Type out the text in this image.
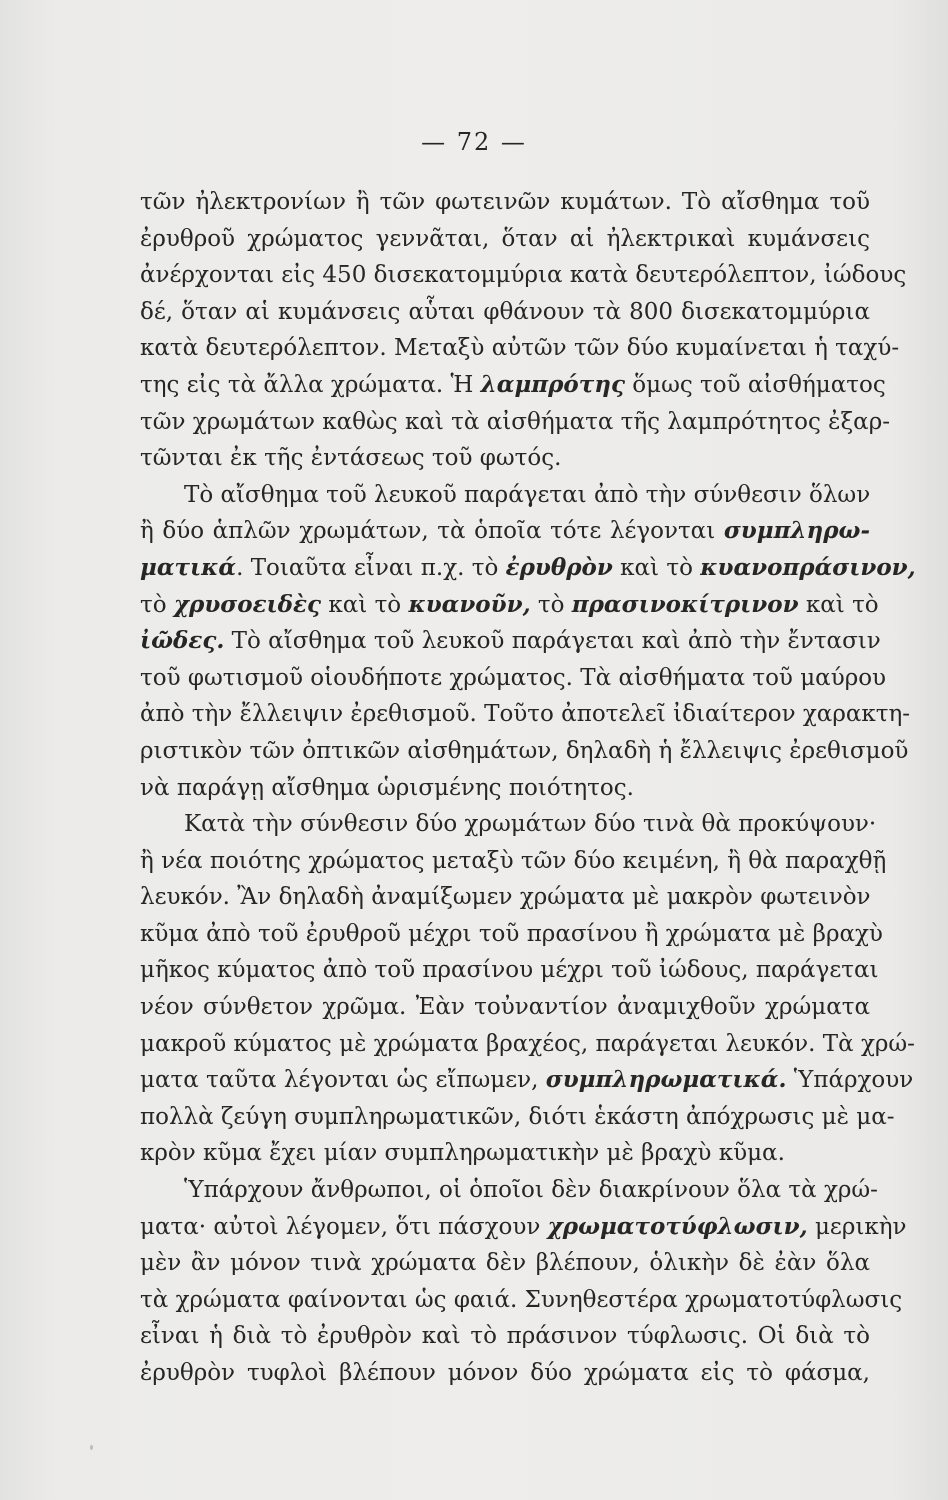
— 72 —
τῶν ἠλεκτρονίων ἢ τῶν φωτεινῶν κυμάτων. Τὸ αἴσθημα τοῦ
ἐρυθροῦ χρώματος γεννᾶται, ὅταν αἱ ἠλεκτρικαὶ κυμάνσεις
ἀνέρχονται εἰς 450 δισεκατομμύρια κατὰ δευτερόλεπτον, ἰώδους
δέ, ὅταν αἱ κυμάνσεις αὗται φθάνουν τὰ 800 δισεκατομμύρια
κατὰ δευτερόλεπτον. Μεταξὺ αὐτῶν τῶν δύο κυμαίνεται ἡ ταχύ-
της εἰς τὰ ἄλλα χρώματα. Ἡ λαμπρότης ὅμως τοῦ αἰσθήματος
τῶν χρωμάτων καθὼς καὶ τὰ αἰσθήματα τῆς λαμπρότητος ἐξαρ-
τῶνται ἐκ τῆς ἐντάσεως τοῦ φωτός.
Τὸ αἴσθημα τοῦ λευκοῦ παράγεται ἀπὸ τὴν σύνθεσιν ὅλων
ἢ δύο ἁπλῶν χρωμάτων, τὰ ὁποῖα τότε λέγονται συμπληρω-
ματικά. Τοιαῦτα εἶναι π.χ. τὸ ἐρυθρὸν καὶ τὸ κυανοπράσινον,
τὸ χρυσοειδὲς καὶ τὸ κυανοῦν, τὸ πρασινοκίτρινον καὶ τὸ
ἰῶδες. Τὸ αἴσθημα τοῦ λευκοῦ παράγεται καὶ ἀπὸ τὴν ἔντασιν
τοῦ φωτισμοῦ οἱουδήποτε χρώματος. Τὰ αἰσθήματα τοῦ μαύρου
ἀπὸ τὴν ἔλλειψιν ἐρεθισμοῦ. Τοῦτο ἀποτελεῖ ἰδιαίτερον χαρακτη-
ριστικὸν τῶν ὀπτικῶν αἰσθημάτων, δηλαδὴ ἡ ἔλλειψις ἐρεθισμοῦ
νὰ παράγῃ αἴσθημα ὡρισμένης ποιότητος.
Κατὰ τὴν σύνθεσιν δύο χρωμάτων δύο τινὰ θὰ προκύψουν·
ἢ νέα ποιότης χρώματος μεταξὺ τῶν δύο κειμένη, ἢ θὰ παραχθῇ
λευκόν. Ἂν δηλαδὴ ἀναμίξωμεν χρώματα μὲ μακρὸν φωτεινὸν
κῦμα ἀπὸ τοῦ ἐρυθροῦ μέχρι τοῦ πρασίνου ἢ χρώματα μὲ βραχὺ
μῆκος κύματος ἀπὸ τοῦ πρασίνου μέχρι τοῦ ἰώδους, παράγεται
νέον σύνθετον χρῶμα. Ἐὰν τοὐναντίον ἀναμιχθοῦν χρώματα
μακροῦ κύματος μὲ χρώματα βραχέος, παράγεται λευκόν. Τὰ χρώ-
ματα ταῦτα λέγονται ὡς εἴπωμεν, συμπληρωματικά. Ὑπάρχουν
πολλὰ ζεύγη συμπληρωματικῶν, διότι ἑκάστη ἀπόχρωσις μὲ μα-
κρὸν κῦμα ἔχει μίαν συμπληρωματικὴν μὲ βραχὺ κῦμα.
Ὑπάρχουν ἄνθρωποι, οἱ ὁποῖοι δὲν διακρίνουν ὅλα τὰ χρώ-
ματα· αὐτοὶ λέγομεν, ὅτι πάσχουν χρωματοτύφλωσιν, μερικὴν
μὲν ἂν μόνον τινὰ χρώματα δὲν βλέπουν, ὁλικὴν δὲ ἐὰν ὅλα
τὰ χρώματα φαίνονται ὡς φαιά. Συνηθεστέρα χρωματοτύφλωσις
εἶναι ἡ διὰ τὸ ἐρυθρὸν καὶ τὸ πράσινον τύφλωσις. Οἱ διὰ τὸ
ἐρυθρὸν τυφλοὶ βλέπουν μόνον δύο χρώματα εἰς τὸ φάσμα,
